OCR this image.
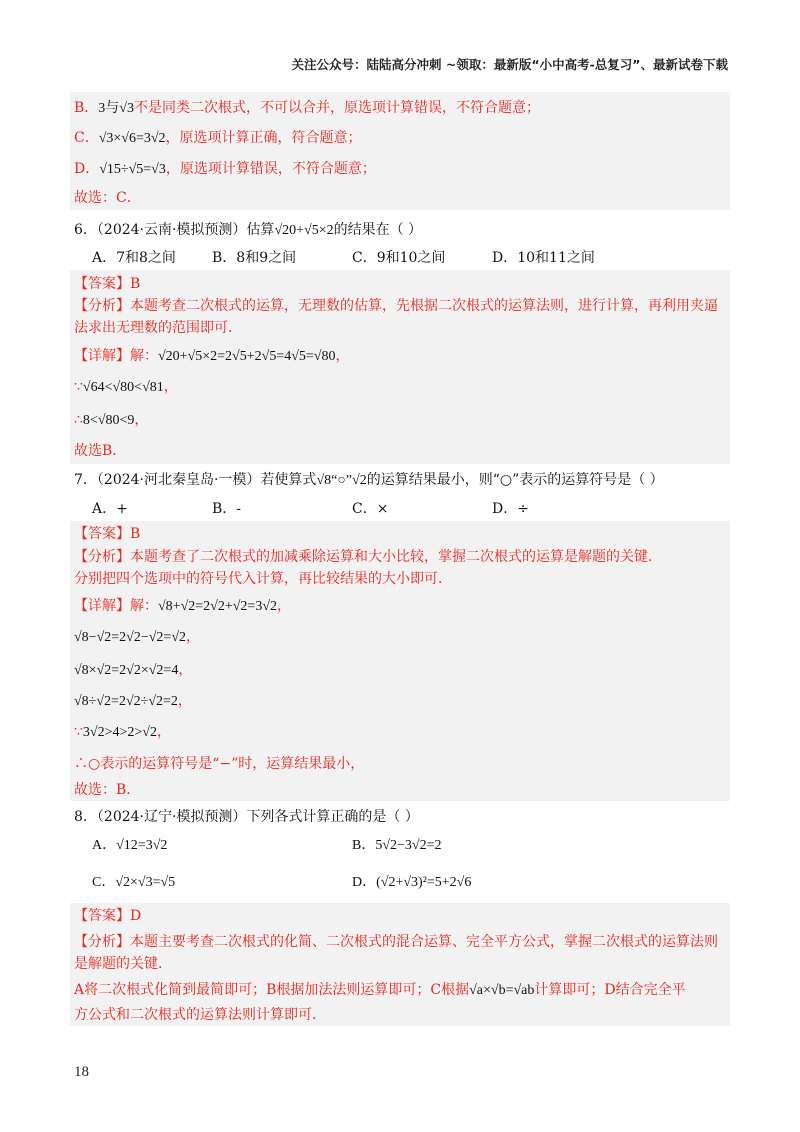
关注公众号：陆陆高分冲刺 ~领取：最新版“小中高考-总复习”、最新试卷下载
B．3与√3不是同类二次根式，不可以合并，原选项计算错误，不符合题意；
C．√3×√6=3√2，原选项计算正确，符合题意；
D．√15÷√5=√3，原选项计算错误，不符合题意；
故选：C．
6．（2024·云南·模拟预测）估算√20+√5×2的结果在（ ）
A．7和8之间	B．8和9之间	C．9和10之间	D．10和11之间
【答案】B
【分析】本题考查二次根式的运算，无理数的估算，先根据二次根式的运算法则，进行计算，再利用夹逼
法求出无理数的范围即可．
【详解】解：√20+√5×2=2√5+2√5=4√5=√80，
∵√64<√80<√81，
∴8<√80<9，
故选B．
7．（2024·河北秦皇岛·一模）若使算式√8“○”√2的运算结果最小，则“○”表示的运算符号是（ ）
A．+	B．-	C．×	D．÷
【答案】B
【分析】本题考查了二次根式的加减乘除运算和大小比较，掌握二次根式的运算是解题的关键．
分别把四个选项中的符号代入计算，再比较结果的大小即可．
【详解】解：√8+√2=2√2+√2=3√2，
√8−√2=2√2−√2=√2，
√8×√2=2√2×√2=4，
√8÷√2=2√2÷√2=2，
∵3√2>4>2>√2，
∴○表示的运算符号是“−”时，运算结果最小，
故选：B．
8．（2024·辽宁·模拟预测）下列各式计算正确的是（ ）
A．√12=3√2	B．5√2−3√2=2
C．√2×√3=√5	D．(√2+√3)²=5+2√6
【答案】D
【分析】本题主要考查二次根式的化简、二次根式的混合运算、完全平方公式，掌握二次根式的运算法则
是解题的关键．
A将二次根式化简到最简即可；B根据加法法则运算即可；C根据√a×√b=√ab计算即可；D结合完全平
方公式和二次根式的运算法则计算即可．
18
